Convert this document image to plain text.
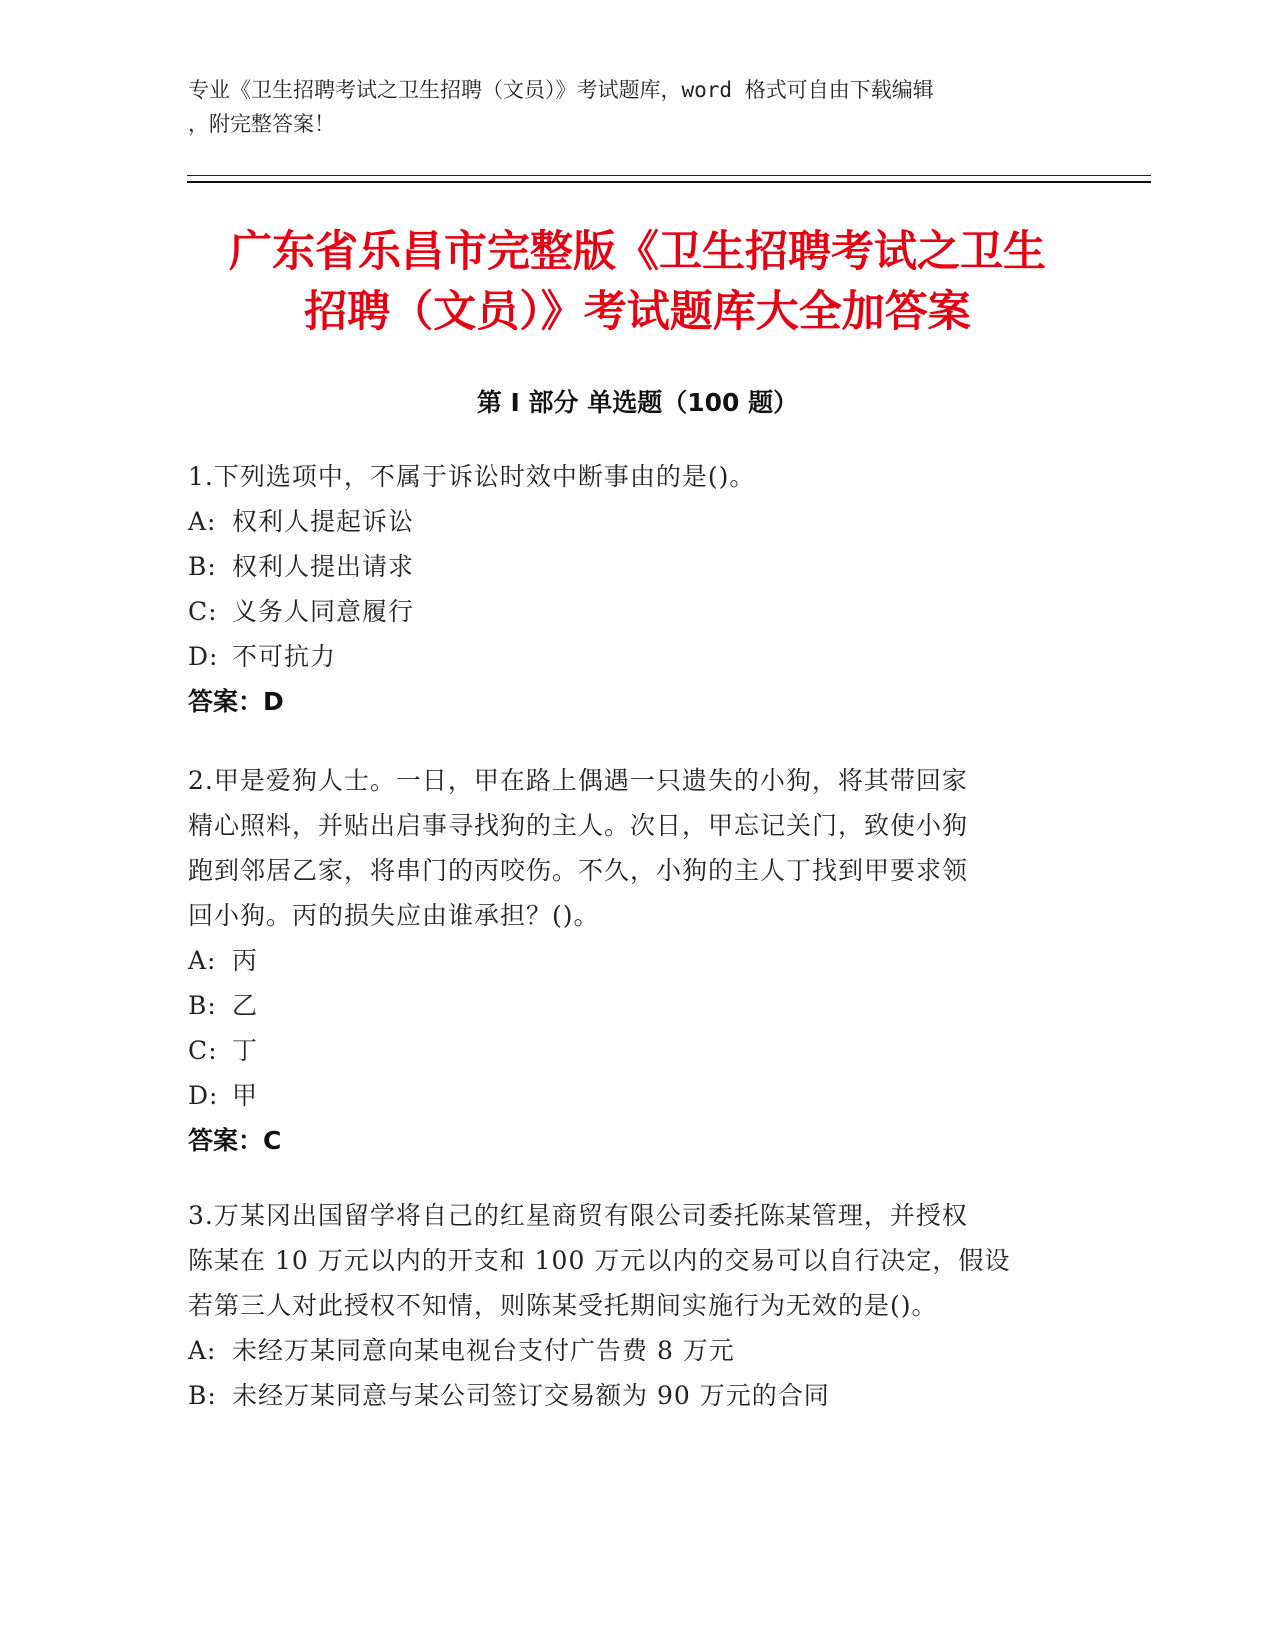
专业《卫生招聘考试之卫生招聘（文员）》考试题库，word 格式可自由下载编辑
，附完整答案！
广东省乐昌市完整版《卫生招聘考试之卫生
招聘（文员）》考试题库大全加答案
第 I 部分 单选题（100 题）
1.下列选项中，不属于诉讼时效中断事由的是()。
A: 权利人提起诉讼
B: 权利人提出请求
C: 义务人同意履行
D: 不可抗力
答案：D
2.甲是爱狗人士。一日，甲在路上偶遇一只遗失的小狗，将其带回家
精心照料，并贴出启事寻找狗的主人。次日，甲忘记关门，致使小狗
跑到邻居乙家，将串门的丙咬伤。不久，小狗的主人丁找到甲要求领
回小狗。丙的损失应由谁承担？()。
A: 丙
B: 乙
C: 丁
D: 甲
答案：C
3.万某冈出国留学将自己的红星商贸有限公司委托陈某管理，并授权
陈某在 10 万元以内的开支和 100 万元以内的交易可以自行决定，假设
若第三人对此授权不知情，则陈某受托期间实施行为无效的是()。
A: 未经万某同意向某电视台支付广告费 8 万元
B: 未经万某同意与某公司签订交易额为 90 万元的合同
